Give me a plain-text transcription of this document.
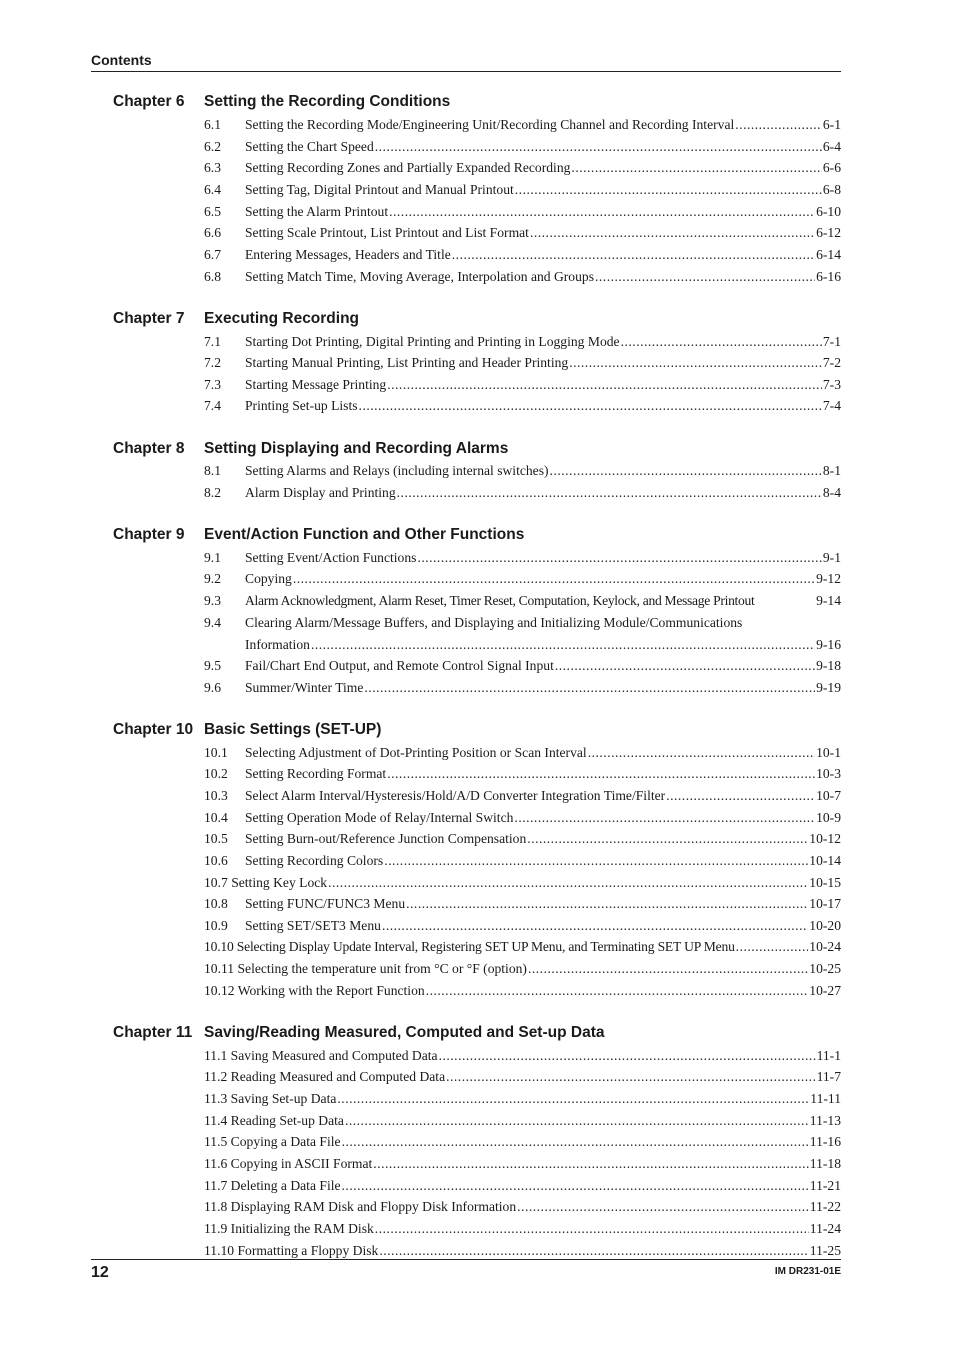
Contents
Chapter 6 Setting the Recording Conditions
6.1	Setting the Recording Mode/Engineering Unit/Recording Channel and Recording Interval .....	6-1
6.2	Setting the Chart Speed .....	6-4
6.3	Setting Recording Zones and Partially Expanded Recording .....	6-6
6.4	Setting Tag, Digital Printout and Manual Printout .....	6-8
6.5	Setting the Alarm Printout .....	6-10
6.6	Setting Scale Printout, List Printout and List Format .....	6-12
6.7	Entering Messages, Headers and Title .....	6-14
6.8	Setting Match Time, Moving Average, Interpolation and Groups .....	6-16
Chapter 7 Executing Recording
7.1	Starting Dot Printing, Digital Printing and Printing in Logging Mode .....	7-1
7.2	Starting Manual Printing, List Printing and Header Printing .....	7-2
7.3	Starting Message Printing .....	7-3
7.4	Printing Set-up Lists .....	7-4
Chapter 8 Setting Displaying and Recording Alarms
8.1	Setting Alarms and Relays (including internal switches) .....	8-1
8.2	Alarm Display and Printing .....	8-4
Chapter 9 Event/Action Function and Other Functions
9.1	Setting Event/Action Functions .....	9-1
9.2	Copying .....	9-12
9.3	Alarm Acknowledgment, Alarm Reset, Timer Reset, Computation, Keylock, and Message Printout	9-14
9.4	Clearing Alarm/Message Buffers, and Displaying and Initializing Module/Communications
Information .....	9-16
9.5	Fail/Chart End Output, and Remote Control Signal Input .....	9-18
9.6	Summer/Winter Time .....	9-19
Chapter 10 Basic Settings (SET-UP)
10.1	Selecting Adjustment of Dot-Printing Position or Scan Interval .....	10-1
10.2	Setting Recording Format .....	10-3
10.3	Select Alarm Interval/Hysteresis/Hold/A/D Converter Integration Time/Filter .....	10-7
10.4	Setting Operation Mode of Relay/Internal Switch .....	10-9
10.5	Setting Burn-out/Reference Junction Compensation .....	10-12
10.6	Setting Recording Colors .....	10-14
10.7 Setting Key Lock .....	10-15
10.8	Setting FUNC/FUNC3 Menu .....	10-17
10.9	Setting SET/SET3 Menu .....	10-20
10.10 Selecting Display Update Interval, Registering SET UP Menu, and Terminating SET UP Menu .....	10-24
10.11 Selecting the temperature unit from °C or °F (option) .....	10-25
10.12 Working with the Report Function .....	10-27
Chapter 11 Saving/Reading Measured, Computed and Set-up Data
11.1 Saving Measured and Computed Data .....	11-1
11.2 Reading Measured and Computed Data .....	11-7
11.3 Saving Set-up Data .....	11-11
11.4 Reading Set-up Data .....	11-13
11.5 Copying a Data File .....	11-16
11.6 Copying in ASCII Format .....	11-18
11.7 Deleting a Data File .....	11-21
11.8 Displaying RAM Disk and Floppy Disk Information .....	11-22
11.9 Initializing the RAM Disk .....	11-24
11.10 Formatting a Floppy Disk .....	11-25
12	IM DR231-01E
